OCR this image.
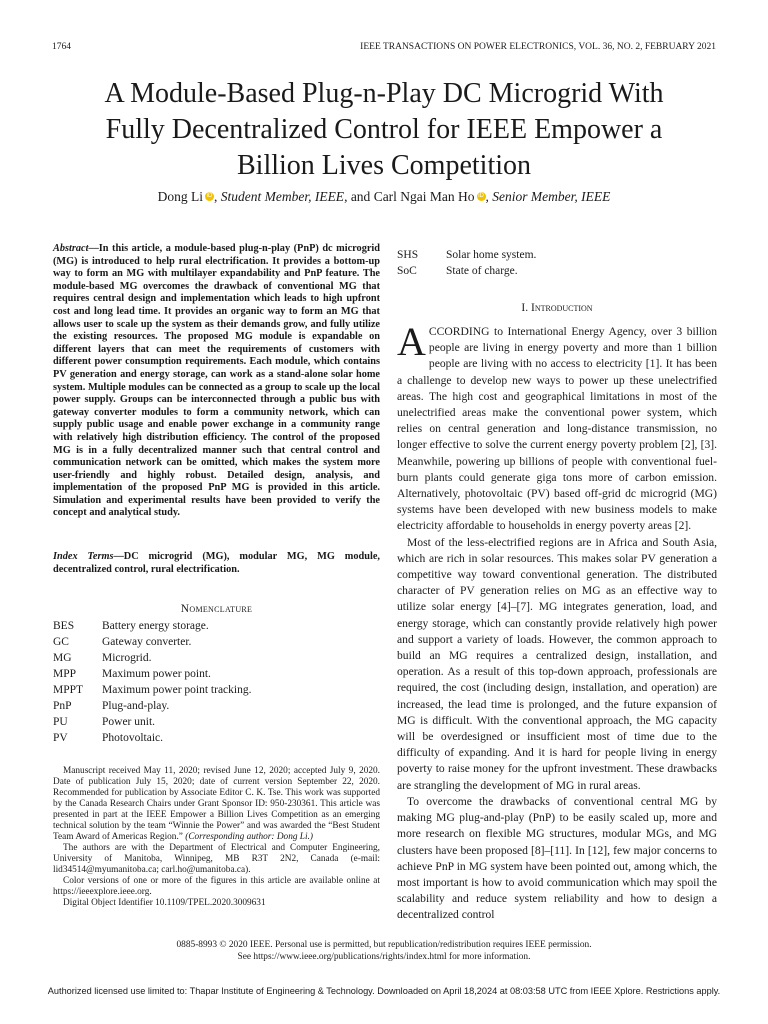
1764	IEEE TRANSACTIONS ON POWER ELECTRONICS, VOL. 36, NO. 2, FEBRUARY 2021
A Module-Based Plug-n-Play DC Microgrid With
Fully Decentralized Control for IEEE Empower a
Billion Lives Competition
Dong Li iD , Student Member, IEEE, and Carl Ngai Man Ho iD , Senior Member, IEEE
Abstract—In this article, a module-based plug-n-play (PnP) dc microgrid (MG) is introduced to help rural electrification. It provides a bottom-up way to form an MG with multilayer expandability and PnP feature. The module-based MG overcomes the drawback of conventional MG that requires central design and implementation which leads to high upfront cost and long lead time. It provides an organic way to form an MG that allows user to scale up the system as their demands grow, and fully utilize the existing resources. The proposed MG module is expandable on different layers that can meet the requirements of customers with different power consumption requirements. Each module, which contains PV generation and energy storage, can work as a stand-alone solar home system. Multiple modules can be connected as a group to scale up the local power supply. Groups can be interconnected through a public bus with gateway converter modules to form a community network, which can supply public usage and enable power exchange in a community range with relatively high distribution efficiency. The control of the proposed MG is in a fully decentralized manner such that central control and communication network can be omitted, which makes the system more user-friendly and highly robust. Detailed design, analysis, and implementation of the proposed PnP MG is provided in this article. Simulation and experimental results have been provided to verify the concept and analytical study.
Index Terms—DC microgrid (MG), modular MG, MG module, decentralized control, rural electrification.
Nomenclature
BES	Battery energy storage.
GC	Gateway converter.
MG	Microgrid.
MPP	Maximum power point.
MPPT	Maximum power point tracking.
PnP	Plug-and-play.
PU	Power unit.
PV	Photovoltaic.

Manuscript received May 11, 2020; revised June 12, 2020; accepted July 9, 2020. Date of publication July 15, 2020; date of current version September 22, 2020. Recommended for publication by Associate Editor C. K. Tse. This work was supported by the Canada Research Chairs under Grant Sponsor ID: 950-230361. This article was presented in part at the IEEE Empower a Billion Lives Competition as an emerging technical solution by the team “Winnie the Power” and was awarded the “Best Student Team Award of Americas Region.” (Corresponding author: Dong Li.)

The authors are with the Department of Electrical and Computer Engineering, University of Manitoba, Winnipeg, MB R3T 2N2, Canada (e-mail: lid34514@myumanitoba.ca; carl.ho@umanitoba.ca).

Color versions of one or more of the figures in this article are available online at https://ieeexplore.ieee.org.

Digital Object Identifier 10.1109/TPEL.2020.3009631

SHS	Solar home system.
SoC	State of charge.
I. Introduction

ACCORDING to International Energy Agency, over 3 billion people are living in energy poverty and more than 1 billion people are living with no access to electricity [1]. It has been a challenge to develop new ways to power up these unelectrified areas. The high cost and geographical limitations in most of the unelectrified areas make the conventional power system, which relies on central generation and long-distance transmission, no longer effective to solve the current energy poverty problem [2], [3]. Meanwhile, powering up billions of people with conventional fuel-burn plants could generate giga tons more of carbon emission. Alternatively, photovoltaic (PV) based off-grid dc microgrid (MG) systems have been developed with new business models to make electricity affordable to households in energy poverty areas [2].

Most of the less-electrified regions are in Africa and South Asia, which are rich in solar resources. This makes solar PV generation a competitive way toward conventional generation. The distributed character of PV generation relies on MG as an effective way to utilize solar energy [4]–[7]. MG integrates generation, load, and energy storage, which can constantly provide relatively high power and support a variety of loads. However, the common approach to build an MG requires a centralized design, installation, and operation. As a result of this top-down approach, professionals are required, the cost (including design, installation, and operation) are increased, the lead time is prolonged, and the future expansion of MG is difficult. With the conventional approach, the MG capacity will be overdesigned or insufficient most of time due to the difficulty of expanding. And it is hard for people living in energy poverty to raise money for the upfront investment. These drawbacks are strangling the development of MG in rural areas.

To overcome the drawbacks of conventional central MG by making MG plug-and-play (PnP) to be easily scaled up, more and more research on flexible MG structures, modular MGs, and MG clusters have been proposed [8]–[11]. In [12], few major concerns to achieve PnP in MG system have been pointed out, among which, the most important is how to avoid communication which may spoil the scalability and reduce system reliability and how to design a decentralized control

0885-8993 © 2020 IEEE. Personal use is permitted, but republication/redistribution requires IEEE permission.
See https://www.ieee.org/publications/rights/index.html for more information.
Authorized licensed use limited to: Thapar Institute of Engineering & Technology. Downloaded on April 18,2024 at 08:03:58 UTC from IEEE Xplore. Restrictions apply.
